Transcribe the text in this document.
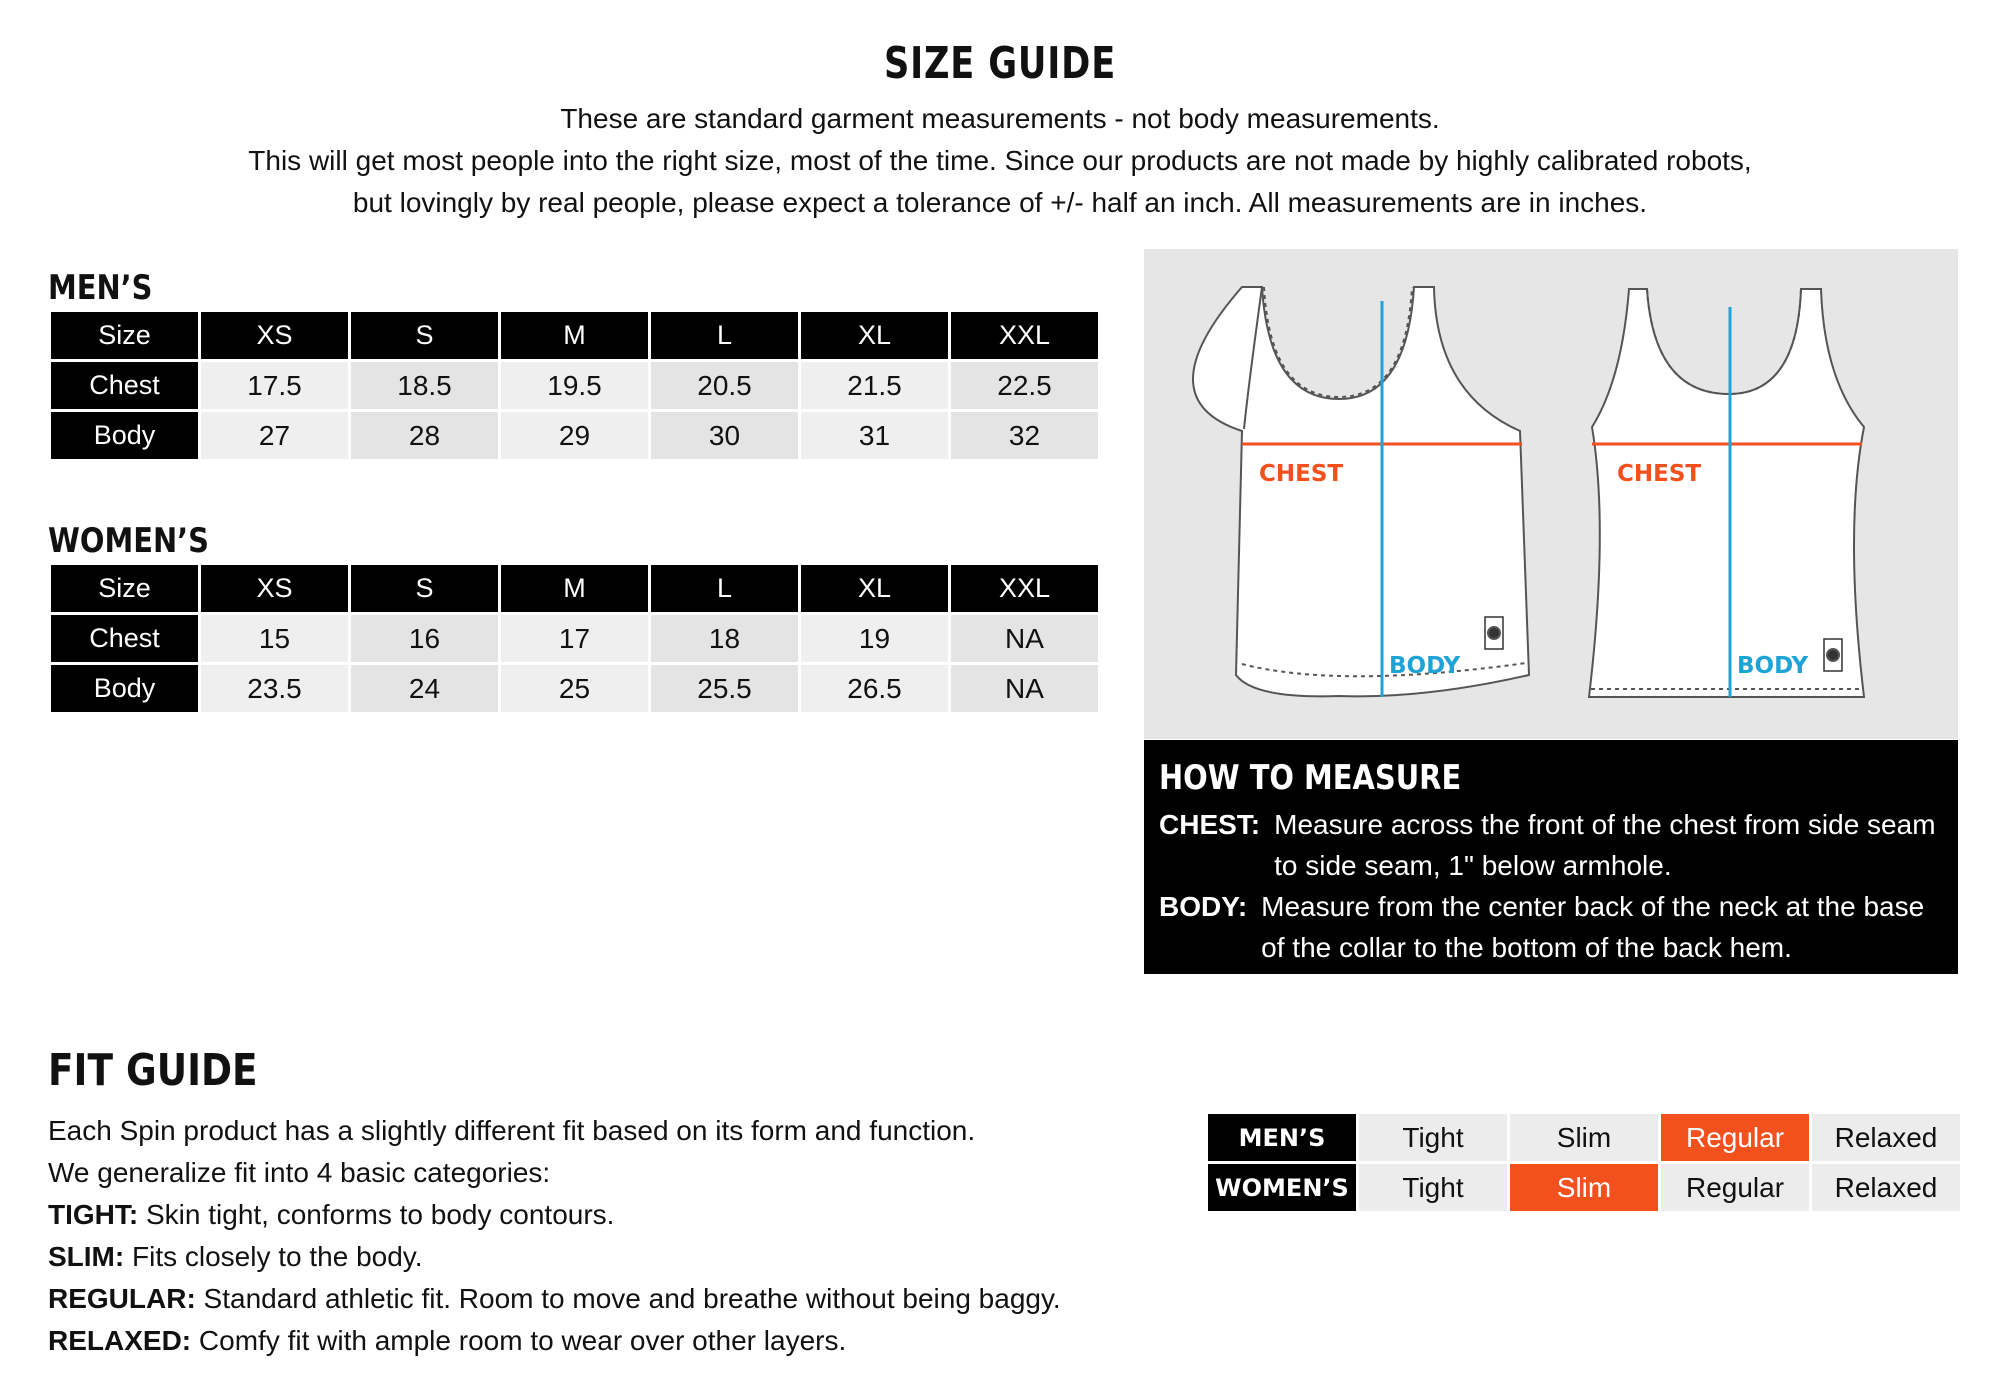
SIZE GUIDE
These are standard garment measurements - not body measurements.
This will get most people into the right size, most of the time. Since our products are not made by highly calibrated robots,
but lovingly by real people, please expect a tolerance of +/- half an inch. All measurements are in inches.
MEN’S
Size	XS	S	M	L	XL	XXL
Chest	17.5	18.5	19.5	20.5	21.5	22.5
Body	27	28	29	30	31	32
WOMEN’S
Size	XS	S	M	L	XL	XXL
Chest	15	16	17	18	19	NA
Body	23.5	24	25	25.5	26.5	NA
CHEST
BODY
CHEST
BODY
HOW TO MEASURE
CHEST: Measure across the front of the chest from side seam
to side seam, 1" below armhole.
BODY: Measure from the center back of the neck at the base
of the collar to the bottom of the back hem.
FIT GUIDE
Each Spin product has a slightly different fit based on its form and function.
We generalize fit into 4 basic categories:
TIGHT: Skin tight, conforms to body contours.
SLIM: Fits closely to the body.
REGULAR: Standard athletic fit. Room to move and breathe without being baggy.
RELAXED: Comfy fit with ample room to wear over other layers.
MEN’S	Tight	Slim	Regular	Relaxed
WOMEN’S	Tight	Slim	Regular	Relaxed
